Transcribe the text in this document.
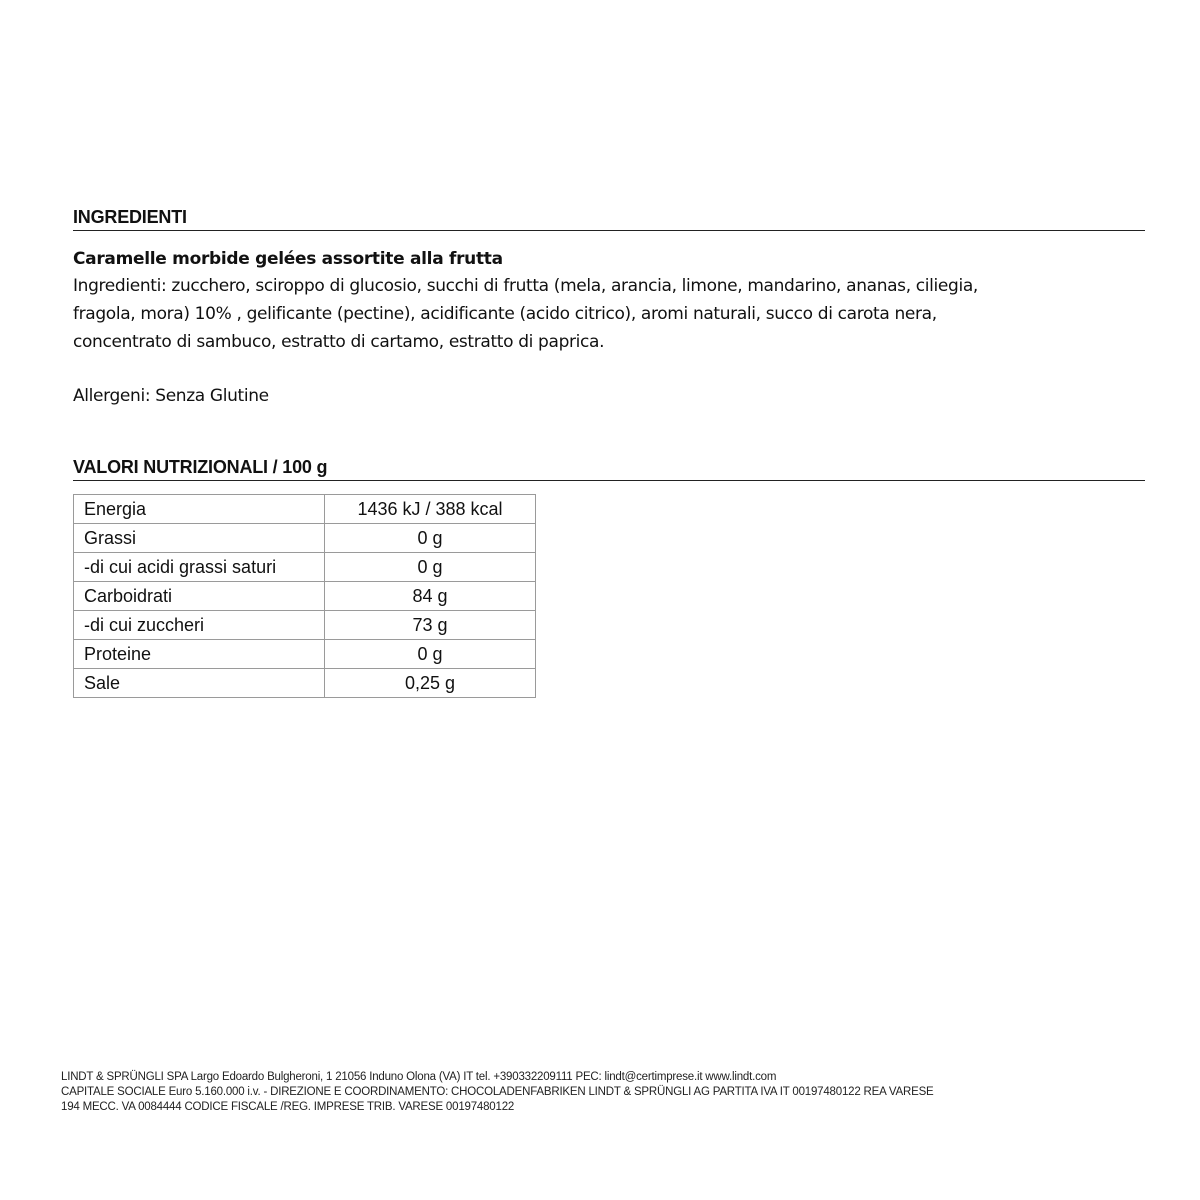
INGREDIENTI
Caramelle morbide gelées assortite alla frutta
Ingredienti: zucchero, sciroppo di glucosio, succhi di frutta (mela, arancia, limone, mandarino, ananas, ciliegia,
fragola, mora) 10% , gelificante (pectine), acidificante (acido citrico), aromi naturali, succo di carota nera,
concentrato di sambuco, estratto di cartamo, estratto di paprica.
Allergeni: Senza Glutine
VALORI NUTRIZIONALI / 100 g
Energia	1436 kJ / 388 kcal
Grassi	0 g
-di cui acidi grassi saturi	0 g
Carboidrati	84 g
-di cui zuccheri	73 g
Proteine	0 g
Sale	0,25 g
LINDT & SPRÜNGLI SPA Largo Edoardo Bulgheroni, 1 21056 Induno Olona (VA) IT tel. +390332209111 PEC: lindt@certimprese.it www.lindt.com
CAPITALE SOCIALE Euro 5.160.000 i.v. - DIREZIONE E COORDINAMENTO: CHOCOLADENFABRIKEN LINDT & SPRÜNGLI AG PARTITA IVA IT 00197480122 REA VARESE
194 MECC. VA 0084444 CODICE FISCALE /REG. IMPRESE TRIB. VARESE 00197480122
